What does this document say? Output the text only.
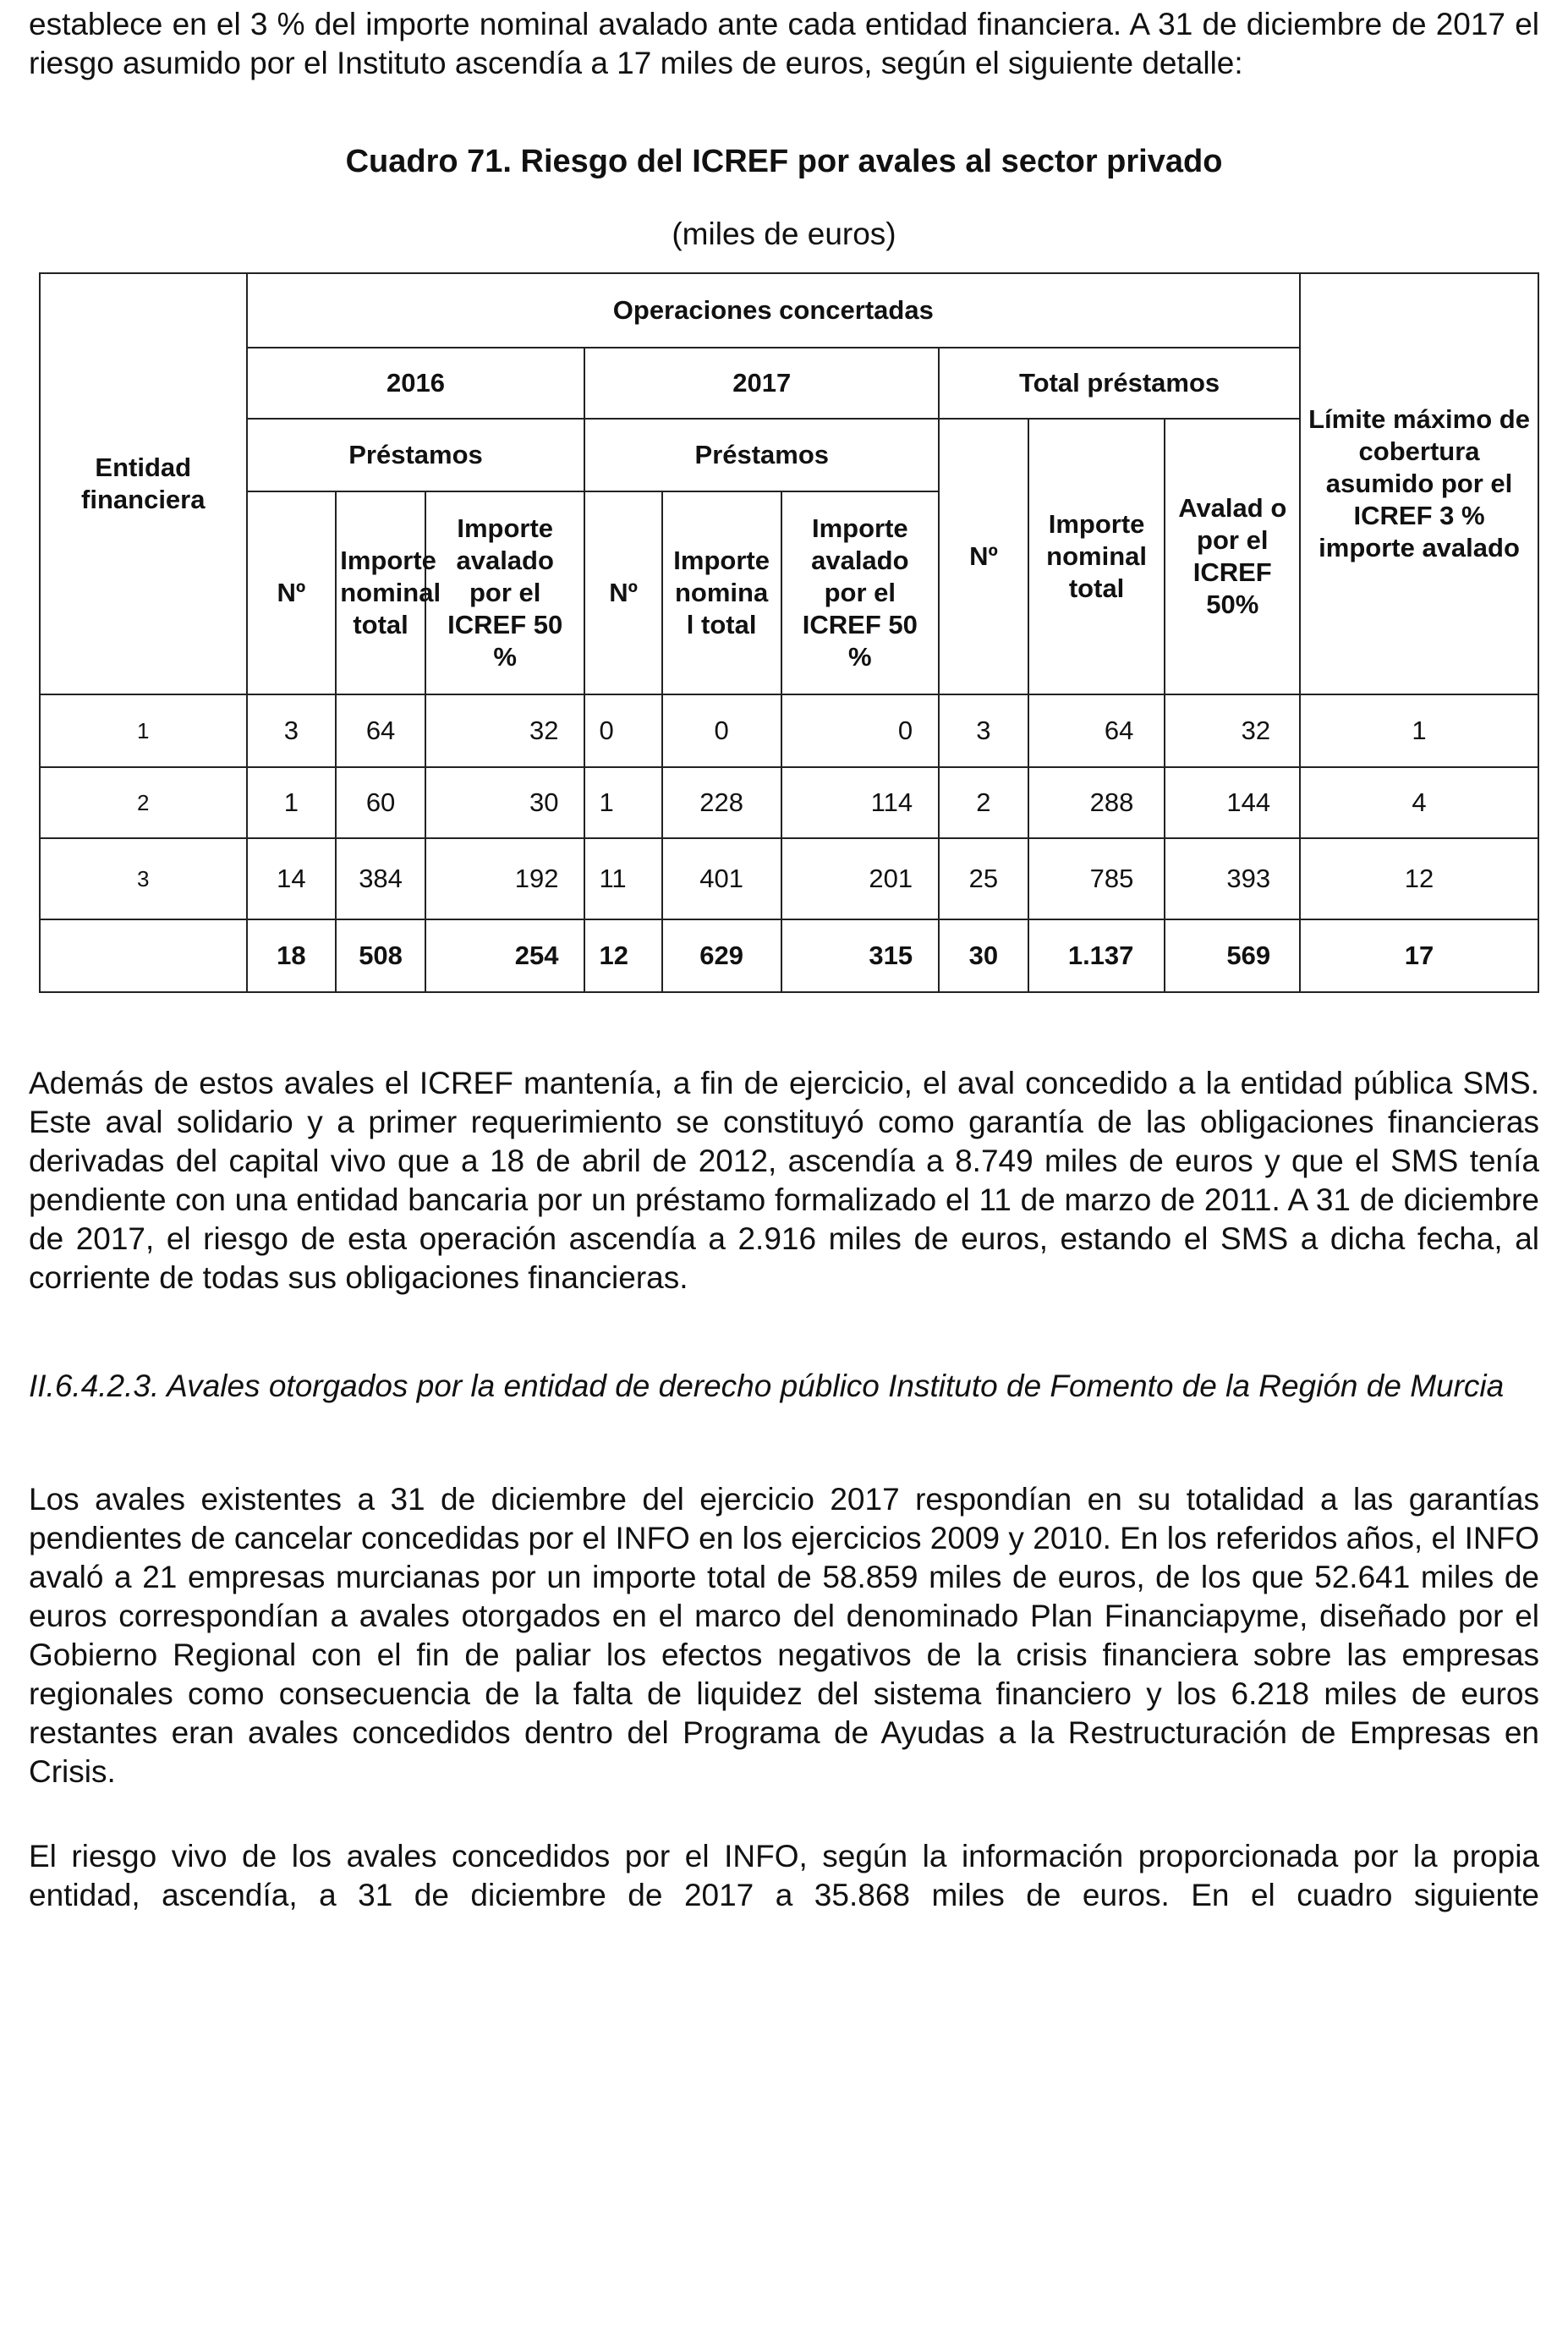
establece en el 3 % del importe nominal avalado ante cada entidad financiera. A 31 de diciembre de 2017 el riesgo asumido por el Instituto ascendía a 17 miles de euros, según el siguiente detalle:

Cuadro 71. Riesgo del ICREF por avales al sector privado

(miles de euros)

Entidad financiera	Operaciones concertadas									Límite máximo de cobertura asumido por el ICREF 3 % importe avalado
	2016			2017			Total préstamos			
	Préstamos			Préstamos			Nº	Importe nominal total	Avalad o por el ICREF 50%	
	Nº	Importe nominal total	Importe avalado por el ICREF 50 %	Nº	Importe nomina l total	Importe avalado por el ICREF 50 %				
1	3	64	32	0	0	0	3	64	32	1
2	1	60	30	1	228	114	2	288	144	4
3	14	384	192	11	401	201	25	785	393	12
	18	508	254	12	629	315	30	1.137	569	17

Además de estos avales el ICREF mantenía, a fin de ejercicio, el aval concedido a la entidad pública SMS. Este aval solidario y a primer requerimiento se constituyó como garantía de las obligaciones financieras derivadas del capital vivo que a 18 de abril de 2012, ascendía a 8.749 miles de euros y que el SMS tenía pendiente con una entidad bancaria por un préstamo formalizado el 11 de marzo de 2011. A 31 de diciembre de 2017, el riesgo de esta operación ascendía a 2.916 miles de euros, estando el SMS a dicha fecha, al corriente de todas sus obligaciones financieras.

II.6.4.2.3. Avales otorgados por la entidad de derecho público Instituto de Fomento de la Región de Murcia

Los avales existentes a 31 de diciembre del ejercicio 2017 respondían en su totalidad a las garantías pendientes de cancelar concedidas por el INFO en los ejercicios 2009 y 2010. En los referidos años, el INFO avaló a 21 empresas murcianas por un importe total de 58.859 miles de euros, de los que 52.641 miles de euros correspondían a avales otorgados en el marco del denominado Plan Financiapyme, diseñado por el Gobierno Regional con el fin de paliar los efectos negativos de la crisis financiera sobre las empresas regionales como consecuencia de la falta de liquidez del sistema financiero y los 6.218 miles de euros restantes eran avales concedidos dentro del Programa de Ayudas a la Restructuración de Empresas en Crisis.

El riesgo vivo de los avales concedidos por el INFO, según la información proporcionada por la propia entidad, ascendía, a 31 de diciembre de 2017 a 35.868 miles de euros. En el cuadro siguiente
